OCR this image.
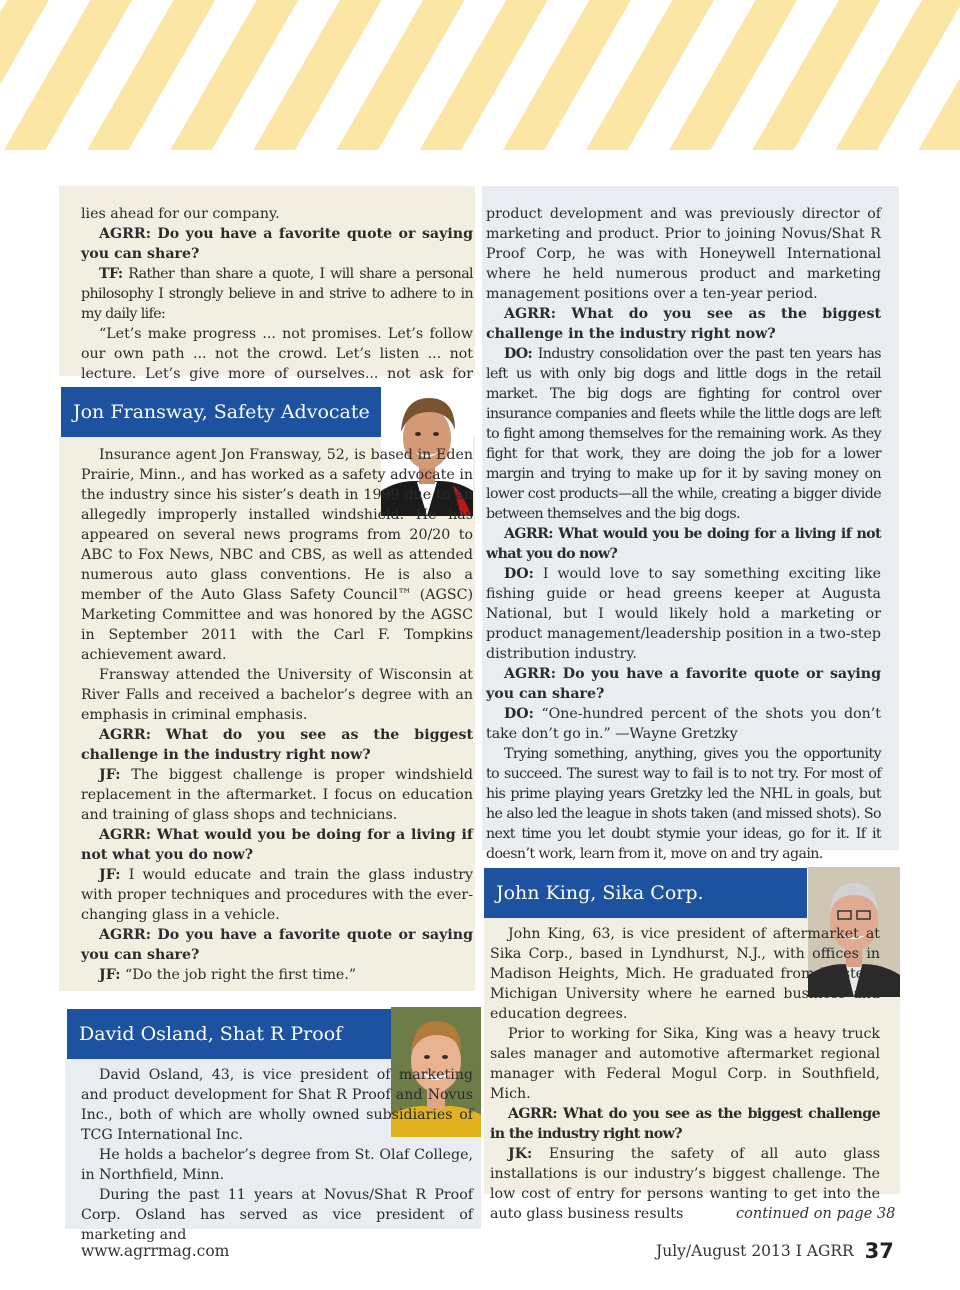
lies ahead for our company.

AGRR: Do you have a favorite quote or saying you can share?

TF: Rather than share a quote, I will share a personal philosophy I strongly believe in and strive to adhere to in my daily life:

“Let’s make progress ... not promises. Let’s follow our own path ... not the crowd. Let’s listen ... not lecture. Let’s give more of ourselves... not ask for

Jon Fransway, Safety Advocate

Insurance agent Jon Fransway, 52, is based in Eden Prairie, Minn., and has worked as a safety advocate in the industry since his sister’s death in 1999 due to an allegedly improperly installed windshield. He has appeared on several news programs from 20/20 to ABC to Fox News, NBC and CBS, as well as attended numerous auto glass conventions. He is also a member of the Auto Glass Safety Council™ (AGSC) Marketing Committee and was honored by the AGSC in September 2011 with the Carl F. Tompkins achievement award.

Fransway attended the University of Wisconsin at River Falls and received a bachelor’s degree with an emphasis in criminal emphasis.

AGRR: What do you see as the biggest challenge in the industry right now?

JF: The biggest challenge is proper windshield replacement in the aftermarket. I focus on education and training of glass shops and technicians.

AGRR: What would you be doing for a living if not what you do now?

JF: I would educate and train the glass industry with proper techniques and procedures with the ever-changing glass in a vehicle.

AGRR: Do you have a favorite quote or saying you can share?

JF: “Do the job right the first time.”

David Osland, Shat R Proof

David Osland, 43, is vice president of marketing and product development for Shat R Proof and Novus Inc., both of which are wholly owned subsidiaries of TCG International Inc.

He holds a bachelor’s degree from St. Olaf College, in Northfield, Minn.

During the past 11 years at Novus/Shat R Proof Corp. Osland has served as vice president of marketing and

product development and was previously director of marketing and product. Prior to joining Novus/Shat R Proof Corp, he was with Honeywell International where he held numerous product and marketing management positions over a ten-year period.

AGRR: What do you see as the biggest challenge in the industry right now?

DO: Industry consolidation over the past ten years has left us with only big dogs and little dogs in the retail market. The big dogs are fighting for control over insurance companies and fleets while the little dogs are left to fight among themselves for the remaining work. As they fight for that work, they are doing the job for a lower margin and trying to make up for it by saving money on lower cost products—all the while, creating a bigger divide between themselves and the big dogs.

AGRR: What would you be doing for a living if not what you do now?

DO: I would love to say something exciting like fishing guide or head greens keeper at Augusta National, but I would likely hold a marketing or product management/leadership position in a two-step distribution industry.

AGRR: Do you have a favorite quote or saying you can share?

DO: “One-hundred percent of the shots you don’t take don’t go in.” —Wayne Gretzky

Trying something, anything, gives you the opportunity to succeed. The surest way to fail is to not try. For most of his prime playing years Gretzky led the NHL in goals, but he also led the league in shots taken (and missed shots). So next time you let doubt stymie your ideas, go for it. If it doesn’t work, learn from it, move on and try again.

John King, Sika Corp.

John King, 63, is vice president of aftermarket at Sika Corp., based in Lyndhurst, N.J., with offices in Madison Heights, Mich. He graduated from Western Michigan University where he earned business and education degrees.

Prior to working for Sika, King was a heavy truck sales manager and automotive aftermarket regional manager with Federal Mogul Corp. in Southfield, Mich.

AGRR: What do you see as the biggest challenge in the industry right now?

JK: Ensuring the safety of all auto glass installations is our industry’s biggest challenge. The low cost of entry for persons wanting to get into the auto glass business results	continued on page 38
www.agrrmag.com	July/August 2013 I AGRR 37
